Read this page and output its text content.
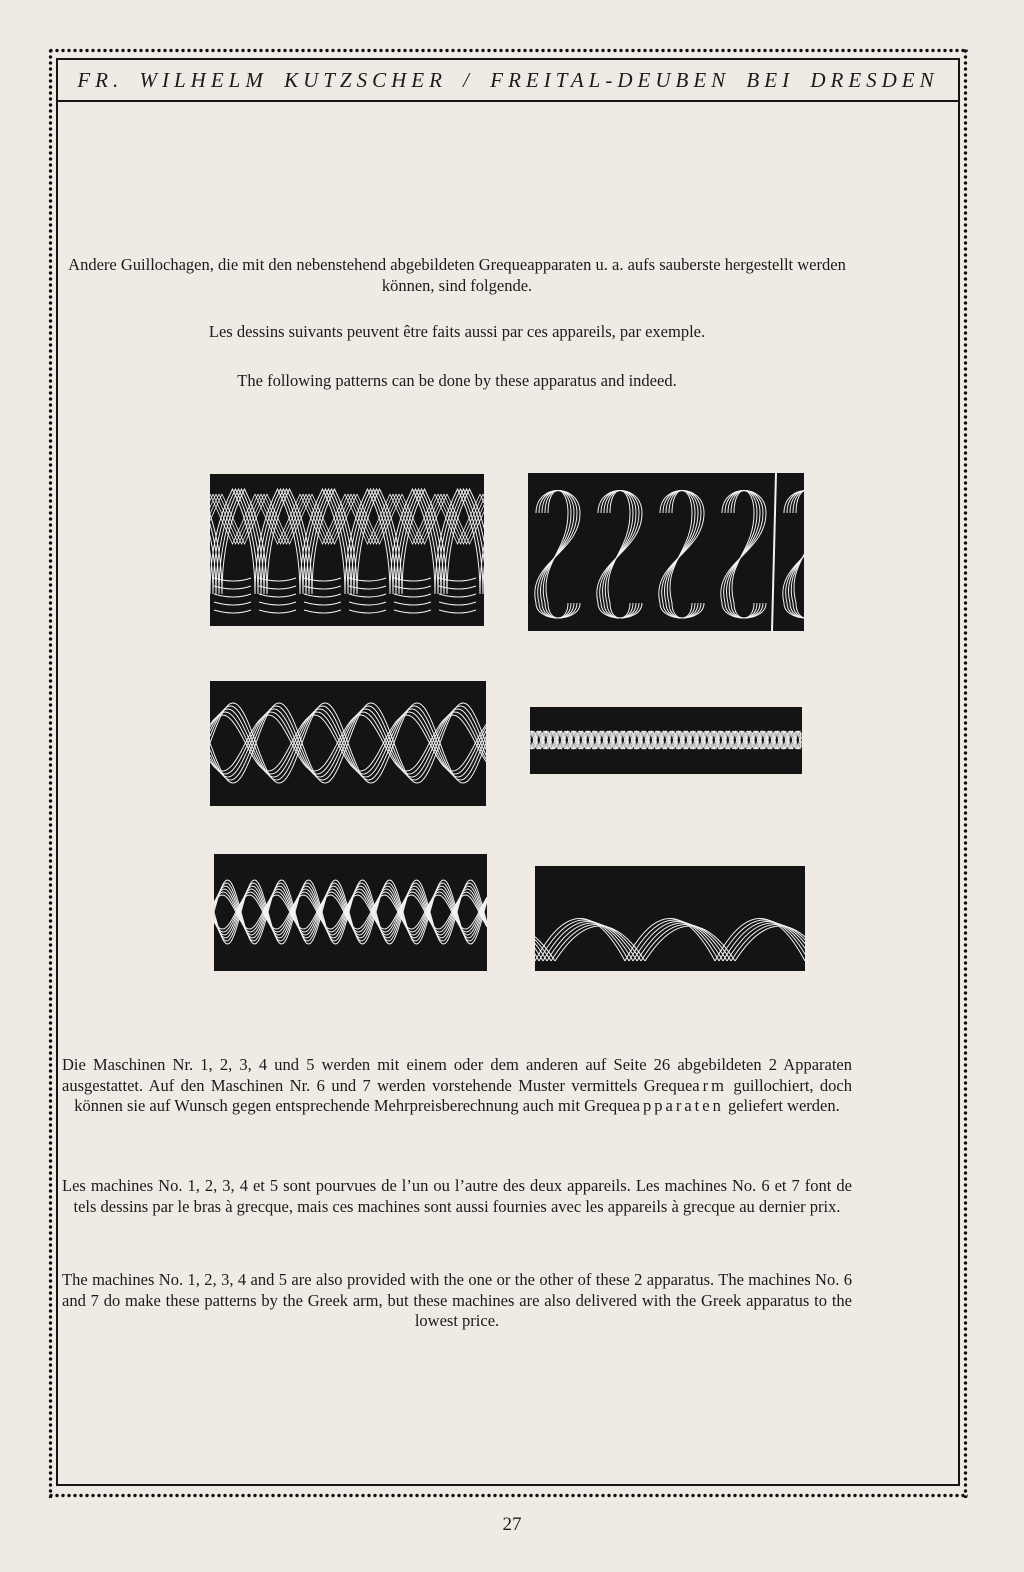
FR. WILHELM KUTZSCHER / FREITAL-DEUBEN BEI DRESDEN
Andere Guillochagen, die mit den nebenstehend abgebildeten Grequeapparaten u. a. aufs sauberste hergestellt werden können, sind folgende.
Les dessins suivants peuvent être faits aussi par ces appareils, par exemple.
The following patterns can be done by these apparatus and indeed.
Die Maschinen Nr. 1, 2, 3, 4 und 5 werden mit einem oder dem anderen auf Seite 26 abgebildeten 2 Apparaten ausgestattet. Auf den Maschinen Nr. 6 und 7 werden vorstehende Muster vermittels Grequearm guillochiert, doch können sie auf Wunsch gegen entsprechende Mehrpreisberechnung auch mit Grequeapparaten geliefert werden.
Les machines No. 1, 2, 3, 4 et 5 sont pourvues de l’un ou l’autre des deux appareils. Les machines No. 6 et 7 font de tels dessins par le bras à grecque, mais ces machines sont aussi fournies avec les appareils à grecque au dernier prix.
The machines No. 1, 2, 3, 4 and 5 are also provided with the one or the other of these 2 apparatus. The machines No. 6 and 7 do make these patterns by the Greek arm, but these machines are also delivered with the Greek apparatus to the lowest price.
27
